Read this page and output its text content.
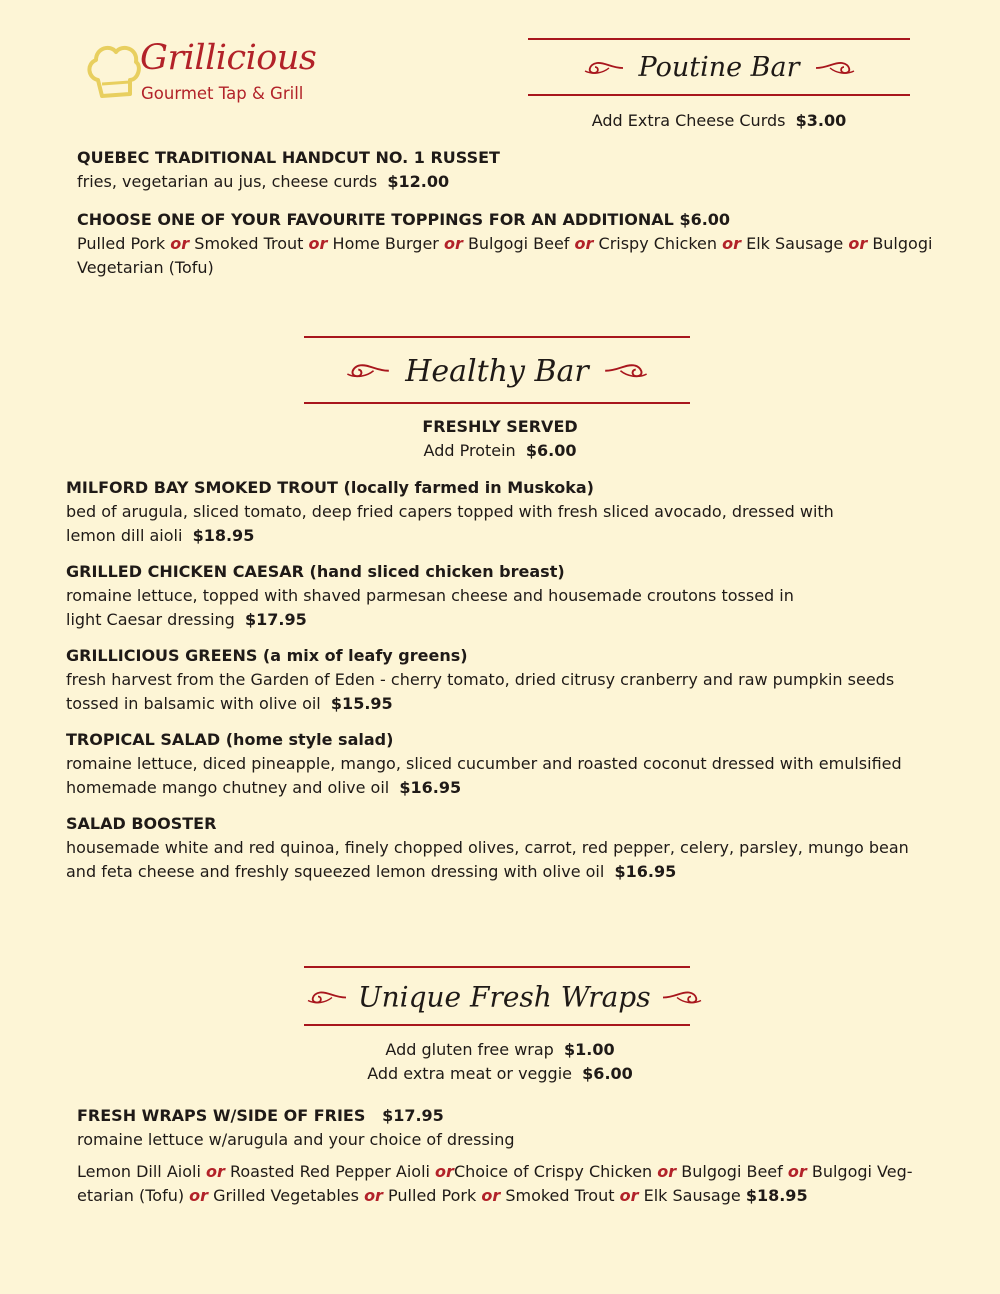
Grillicious
Gourmet Tap & Grill
Poutine Bar
Add Extra Cheese Curds $3.00
QUEBEC TRADITIONAL HANDCUT NO. 1 RUSSET
fries, vegetarian au jus, cheese curds $12.00
CHOOSE ONE OF YOUR FAVOURITE TOPPINGS FOR AN ADDITIONAL $6.00
Pulled Pork or Smoked Trout or Home Burger or Bulgogi Beef or Crispy Chicken or Elk Sausage or Bulgogi
Vegetarian (Tofu)
Healthy Bar
FRESHLY SERVED
Add Protein $6.00
MILFORD BAY SMOKED TROUT (locally farmed in Muskoka)
bed of arugula, sliced tomato, deep fried capers topped with fresh sliced avocado, dressed with
lemon dill aioli $18.95
GRILLED CHICKEN CAESAR (hand sliced chicken breast)
romaine lettuce, topped with shaved parmesan cheese and housemade croutons tossed in
light Caesar dressing $17.95
GRILLICIOUS GREENS (a mix of leafy greens)
fresh harvest from the Garden of Eden - cherry tomato, dried citrusy cranberry and raw pumpkin seeds
tossed in balsamic with olive oil $15.95
TROPICAL SALAD (home style salad)
romaine lettuce, diced pineapple, mango, sliced cucumber and roasted coconut dressed with emulsified
homemade mango chutney and olive oil $16.95
SALAD BOOSTER
housemade white and red quinoa, finely chopped olives, carrot, red pepper, celery, parsley, mungo bean
and feta cheese and freshly squeezed lemon dressing with olive oil $16.95
Unique Fresh Wraps
Add gluten free wrap $1.00
Add extra meat or veggie $6.00
FRESH WRAPS W/SIDE OF FRIES $17.95
romaine lettuce w/arugula and your choice of dressing
Lemon Dill Aioli or Roasted Red Pepper Aioli orChoice of Crispy Chicken or Bulgogi Beef or Bulgogi Veg-
etarian (Tofu) or Grilled Vegetables or Pulled Pork or Smoked Trout or Elk Sausage $18.95
